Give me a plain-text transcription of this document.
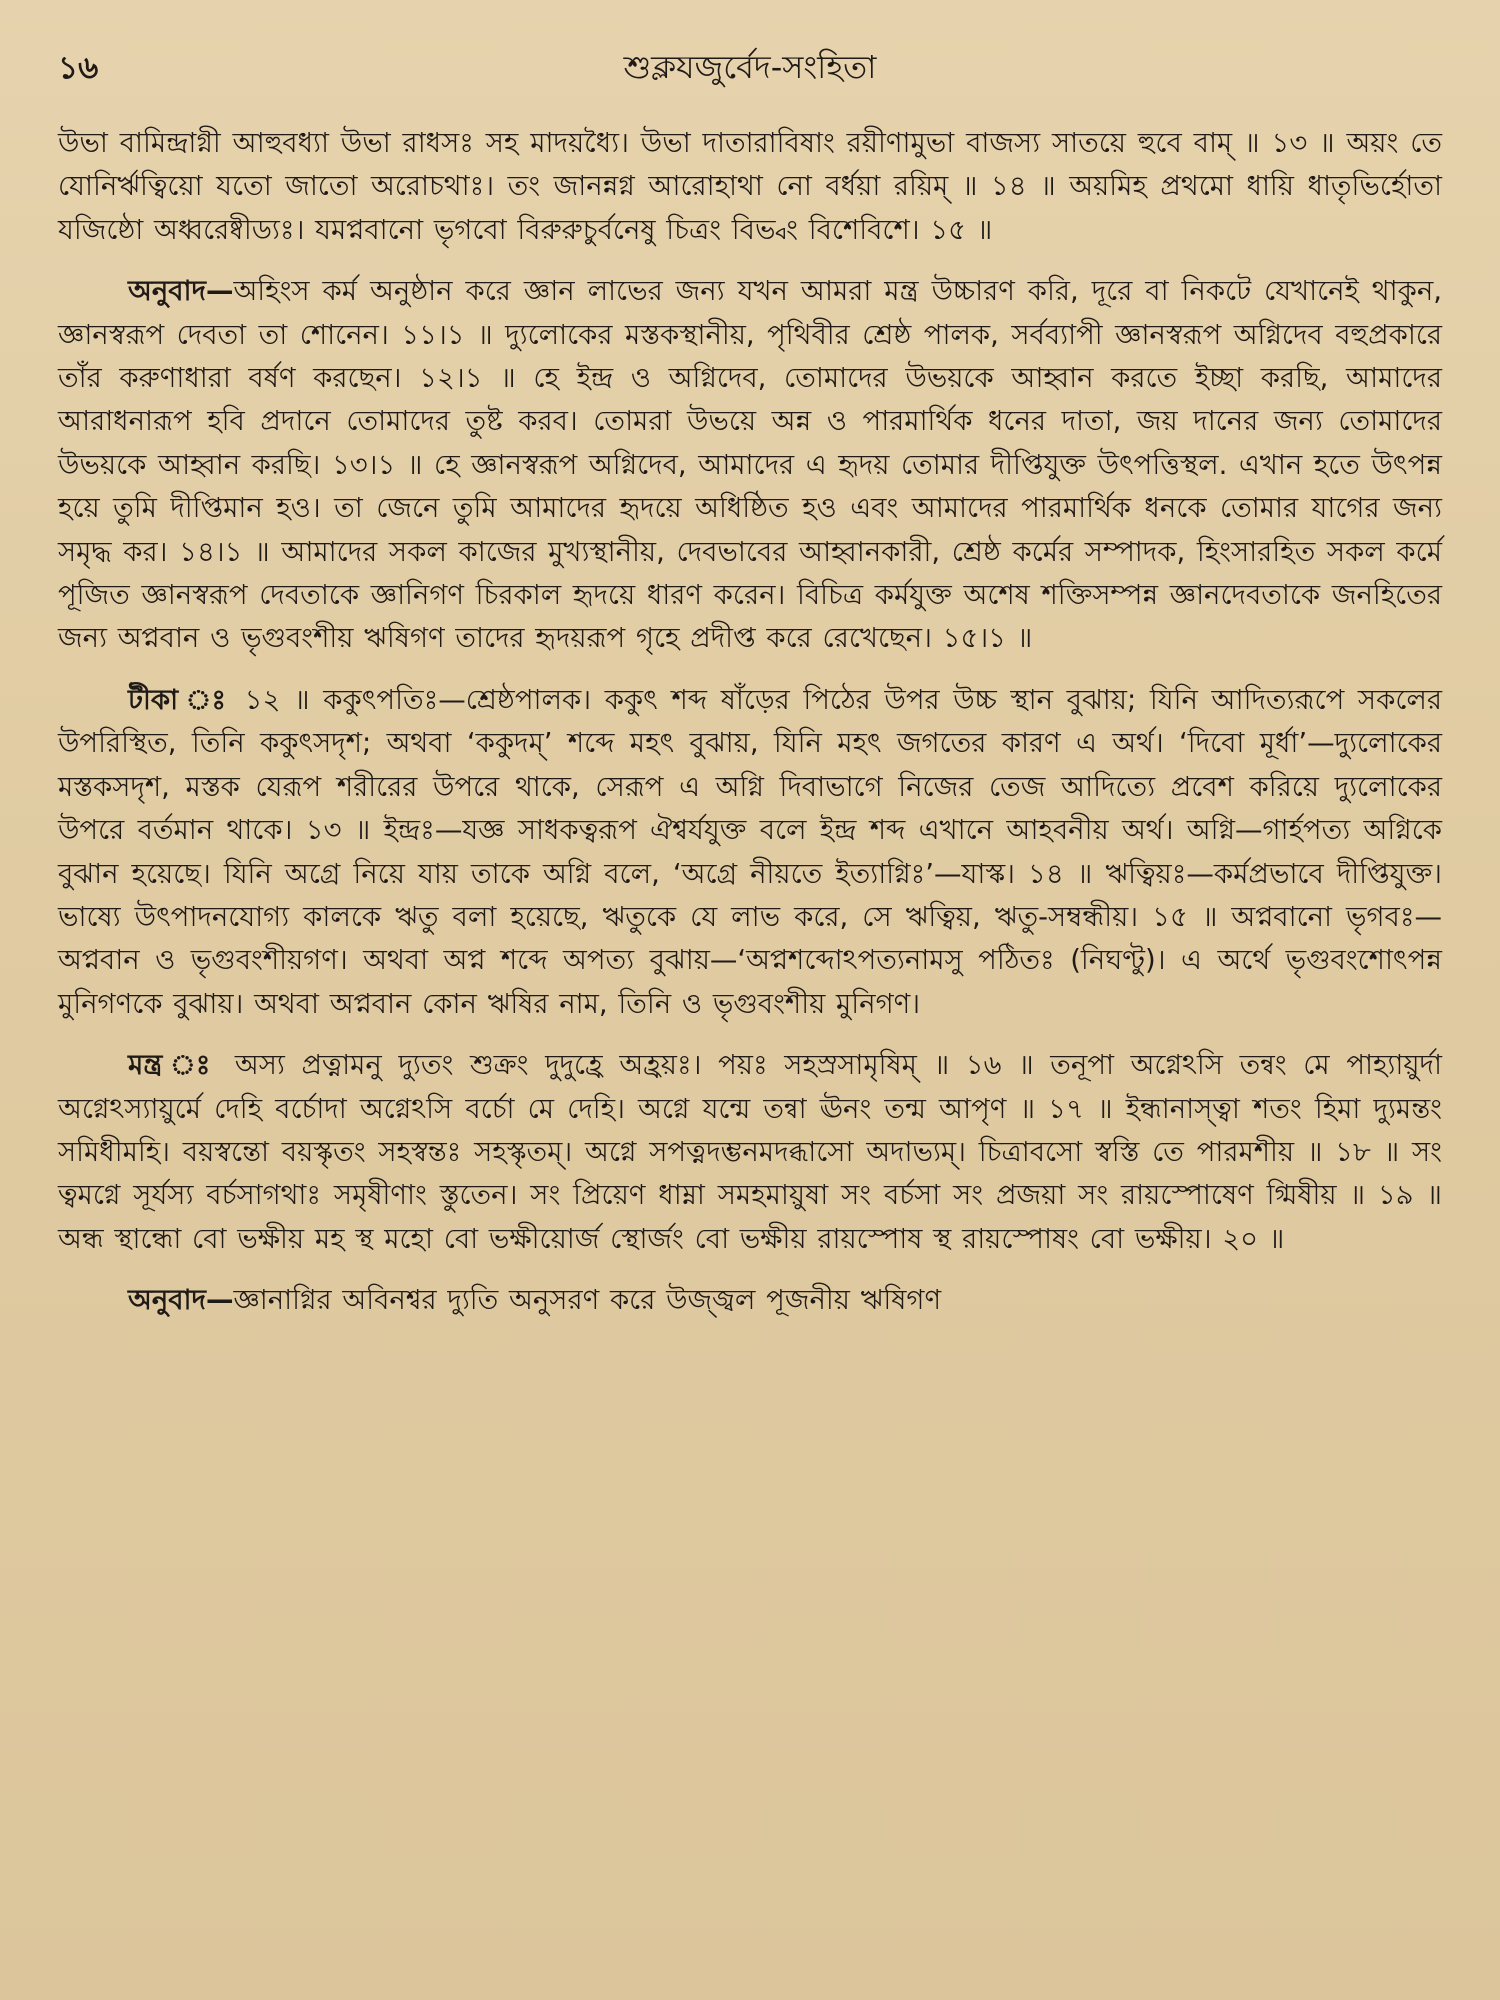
১৬	শুক্লযজুর্বেদ-সংহিতা

উভা বামিন্দ্রাগ্নী আহুবধ্যা উভা রাধসঃ সহ মাদয়ধ্যৈ। উভা দাতারাবিষাং রয়ীণামুভা বাজস্য সাতয়ে হুবে বাম্ ॥ ১৩ ॥ অয়ং তে যোনির্ঋত্বিয়ো যতো জাতো অরোচথাঃ। তং জানন্নগ্ন আরোহাথা নো বর্ধয়া রয়িম্ ॥ ১৪ ॥ অয়মিহ প্রথমো ধায়ি ধাতৃভির্হোতা যজিষ্ঠো অধ্বরেষ্বীড্যঃ। যমপ্নবানো ভৃগবো বিরুরুচুর্বনেষু চিত্রং বিভ্বং বিশেবিশে। ১৫ ॥

অনুবাদ—অহিংস কর্ম অনুষ্ঠান করে জ্ঞান লাভের জন্য যখন আমরা মন্ত্র উচ্চারণ করি, দূরে বা নিকটে যেখানেই থাকুন, জ্ঞানস্বরূপ দেবতা তা শোনেন। ১১।১ ॥ দ্যুলোকের মস্তকস্থানীয়, পৃথিবীর শ্রেষ্ঠ পালক, সর্বব্যাপী জ্ঞানস্বরূপ অগ্নিদেব বহুপ্রকারে তাঁর করুণাধারা বর্ষণ করছেন। ১২।১ ॥ হে ইন্দ্র ও অগ্নিদেব, তোমাদের উভয়কে আহ্বান করতে ইচ্ছা করছি, আমাদের আরাধনারূপ হবি প্রদানে তোমাদের তুষ্ট করব। তোমরা উভয়ে অন্ন ও পারমার্থিক ধনের দাতা, জয় দানের জন্য তোমাদের উভয়কে আহ্বান করছি। ১৩।১ ॥ হে জ্ঞানস্বরূপ অগ্নিদেব, আমাদের এ হৃদয় তোমার দীপ্তিযুক্ত উৎপত্তিস্থল. এখান হতে উৎপন্ন হয়ে তুমি দীপ্তিমান হও। তা জেনে তুমি আমাদের হৃদয়ে অধিষ্ঠিত হও এবং আমাদের পারমার্থিক ধনকে তোমার যাগের জন্য সমৃদ্ধ কর। ১৪।১ ॥ আমাদের সকল কাজের মুখ্যস্থানীয়, দেবভাবের আহ্বানকারী, শ্রেষ্ঠ কর্মের সম্পাদক, হিংসারহিত সকল কর্মে পূজিত জ্ঞানস্বরূপ দেবতাকে জ্ঞানিগণ চিরকাল হৃদয়ে ধারণ করেন। বিচিত্র কর্মযুক্ত অশেষ শক্তিসম্পন্ন জ্ঞানদেবতাকে জনহিতের জন্য অপ্নবান ও ভৃগুবংশীয় ঋষিগণ তাদের হৃদয়রূপ গৃহে প্রদীপ্ত করে রেখেছেন। ১৫।১ ॥

টীকা ঃ ১২ ॥ ককুৎপতিঃ—শ্রেষ্ঠপালক। ককুৎ শব্দ ষাঁড়ের পিঠের উপর উচ্চ স্থান বুঝায়; যিনি আদিত্যরূপে সকলের উপরিস্থিত, তিনি ককুৎসদৃশ; অথবা ‘ককুদম্’ শব্দে মহৎ বুঝায়, যিনি মহৎ জগতের কারণ এ অর্থ। ‘দিবো মূর্ধা’—দ্যুলোকের মস্তকসদৃশ, মস্তক যেরূপ শরীরের উপরে থাকে, সেরূপ এ অগ্নি দিবাভাগে নিজের তেজ আদিত্যে প্রবেশ করিয়ে দ্যুলোকের উপরে বর্তমান থাকে। ১৩ ॥ ইন্দ্রঃ—যজ্ঞ সাধকত্বরূপ ঐশ্বর্যযুক্ত বলে ইন্দ্র শব্দ এখানে আহবনীয় অর্থ। অগ্নি—গার্হপত্য অগ্নিকে বুঝান হয়েছে। যিনি অগ্রে নিয়ে যায় তাকে অগ্নি বলে, ‘অগ্রে নীয়তে ইত্যাগ্নিঃ’—যাস্ক। ১৪ ॥ ঋত্বিয়ঃ—কর্মপ্রভাবে দীপ্তিযুক্ত। ভাষ্যে উৎপাদনযোগ্য কালকে ঋতু বলা হয়েছে, ঋতুকে যে লাভ করে, সে ঋত্বিয়, ঋতু-সম্বন্ধীয়। ১৫ ॥ অপ্নবানো ভৃগবঃ—অপ্নবান ও ভৃগুবংশীয়গণ। অথবা অপ্ন শব্দে অপত্য বুঝায়—‘অপ্নশব্দোঽপত্যনামসু পঠিতঃ (নিঘণ্টু)। এ অর্থে ভৃগুবংশোৎপন্ন মুনিগণকে বুঝায়। অথবা অপ্নবান কোন ঋষির নাম, তিনি ও ভৃগুবংশীয় মুনিগণ।

মন্ত্র ঃ অস্য প্রত্নামনু দ্যুতং শুক্রং দুদুহ্রে অহ্রয়ঃ। পয়ঃ সহস্রসামৃষিম্ ॥ ১৬ ॥ তনূপা অগ্নেঽসি তন্বং মে পাহ্যায়ুর্দা অগ্নেঽস্যায়ুর্মে দেহি বর্চোদা অগ্নেঽসি বর্চো মে দেহি। অগ্নে যন্মে তন্বা ঊনং তন্ম আপৃণ ॥ ১৭ ॥ ইন্ধানাস্ত্বা শতং হিমা দ্যুমন্তং সমিধীমহি। বয়স্বন্তো বয়স্কৃতং সহস্বন্তঃ সহস্কৃতম্। অগ্নে সপত্নদম্ভনমদব্ধাসো অদাভ্যম্। চিত্রাবসো স্বস্তি তে পারমশীয় ॥ ১৮ ॥ সং ত্বমগ্নে সূর্যস্য বর্চসাগথাঃ সমৃষীণাং স্তুতেন। সং প্রিয়েণ ধাম্না সমহমায়ুষা সং বর্চসা সং প্রজয়া সং রায়স্পোষেণ গ্মিষীয় ॥ ১৯ ॥ অন্ধ স্থান্ধো বো ভক্ষীয় মহ স্থ মহো বো ভক্ষীয়োর্জ স্থোর্জং বো ভক্ষীয় রায়স্পোষ স্থ রায়স্পোষং বো ভক্ষীয়। ২০ ॥

অনুবাদ—জ্ঞানাগ্নির অবিনশ্বর দ্যুতি অনুসরণ করে উজ্জ্বল পূজনীয় ঋষিগণ
